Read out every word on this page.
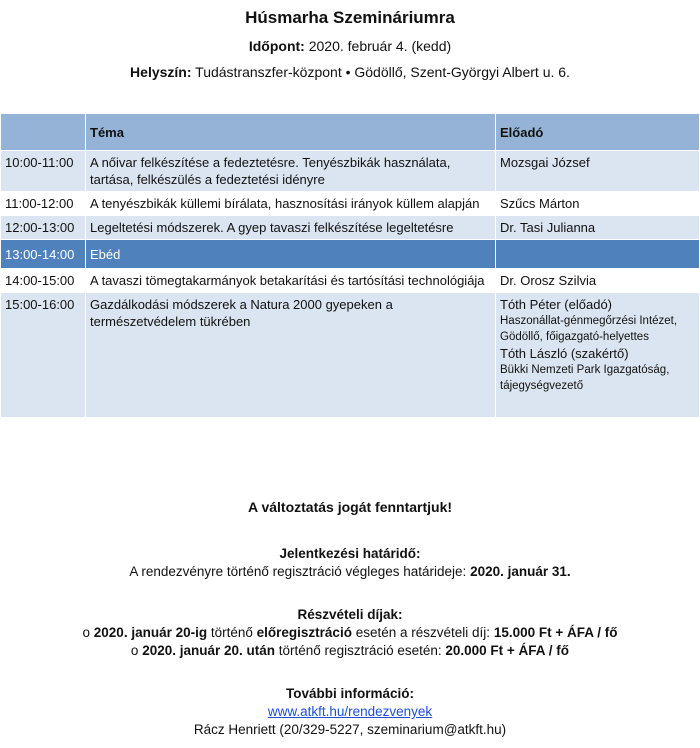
Húsmarha Szemináriumra
Időpont: 2020. február 4. (kedd)
Helyszín: Tudástranszfer-központ • Gödöllő, Szent-Györgyi Albert u. 6.
	Téma	Előadó
10:00-11:00	A nőivar felkészítése a fedeztetésre. Tenyészbikák használata, tartása, felkészülés a fedeztetési idényre	Mozsgai József
11:00-12:00	A tenyészbikák küllemi bírálata, hasznosítási irányok küllem alapján	Szűcs Márton
12:00-13:00	Legeltetési módszerek. A gyep tavaszi felkészítése legeltetésre	Dr. Tasi Julianna
13:00-14:00	Ebéd	
14:00-15:00	A tavaszi tömegtakarmányok betakarítási és tartósítási technológiája	Dr. Orosz Szilvia
15:00-16:00	Gazdálkodási módszerek a Natura 2000 gyepeken a természetvédelem tükrében	Tóth Péter (előadó)
Haszonállat-génmegőrzési Intézet, Gödöllő, főigazgató-helyettes
Tóth László (szakértő)
Bükki Nemzeti Park Igazgatóság, tájegységvezető
A változtatás jogát fenntartjuk!
Jelentkezési határidő:
A rendezvényre történő regisztráció végleges határideje: 2020. január 31.
Részvételi díjak:
o 2020. január 20-ig történő előregisztráció esetén a részvételi díj: 15.000 Ft + ÁFA / fő
o 2020. január 20. után történő regisztráció esetén: 20.000 Ft + ÁFA / fő
További információ:
www.atkft.hu/rendezvenyek
Rácz Henriett (20/329-5227, szeminarium@atkft.hu)
